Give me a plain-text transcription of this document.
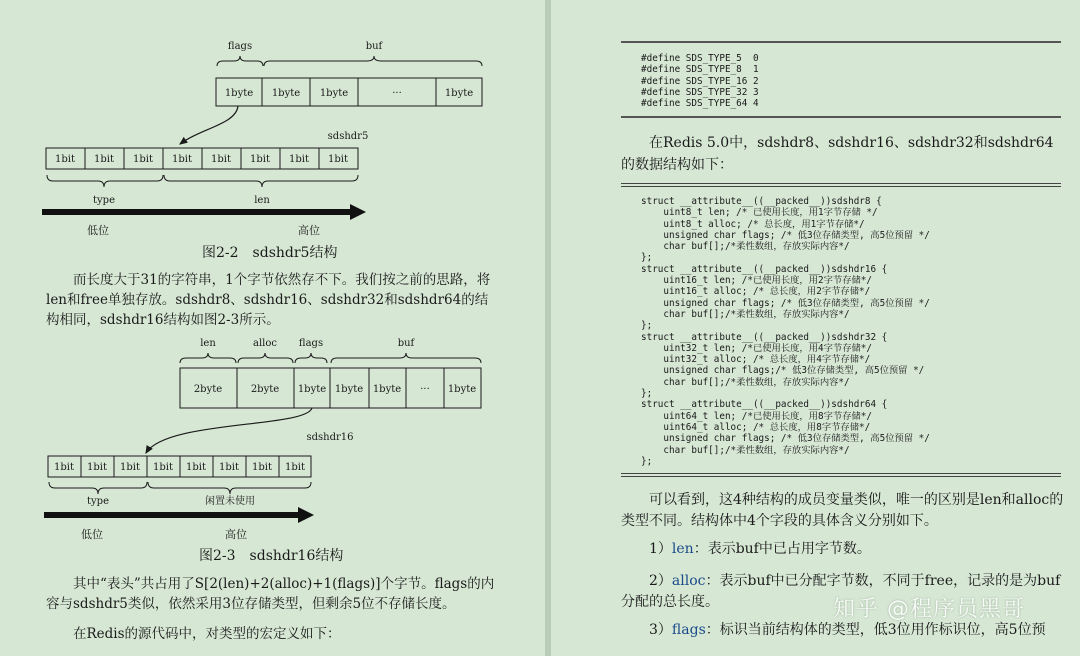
flags	buf
1byte 1byte 1byte	···	1byte
sdshdr5
1bit 1bit 1bit 1bit 1bit 1bit 1bit 1bit
type	len
低位	高位
图2-2　sdshdr5结构
而长度大于31的字符串，1个字节依然存不下。我们按之前的思路，将len和free单独存放。sdshdr8、sdshdr16、sdshdr32和sdshdr64的结构相同，sdshdr16结构如图2-3所示。
len	alloc flags	buf
2byte	2byte 1byte 1byte 1byte ··· 1byte
sdshdr16
1bit 1bit 1bit 1bit 1bit 1bit 1bit 1bit
type	闲置未使用
低位	高位
图2-3　sdshdr16结构
其中“表头”共占用了S[2(len)+2(alloc)+1(flags)]个字节。flags的内容与sdshdr5类似，依然采用3位存储类型，但剩余5位不存储长度。
在Redis的源代码中，对类型的宏定义如下：
#define SDS_TYPE_5  0
#define SDS_TYPE_8  1
#define SDS_TYPE_16 2
#define SDS_TYPE_32 3
#define SDS_TYPE_64 4
在Redis 5.0中，sdshdr8、sdshdr16、sdshdr32和sdshdr64的数据结构如下：
struct __attribute__((__packed__))sdshdr8 {
uint8_t len; /* 已使用长度，用1字节存储 */
uint8_t alloc; /* 总长度，用1字节存储*/
unsigned char flags; /* 低3位存储类型, 高5位预留 */
char buf[];/*柔性数组，存放实际内容*/
};
struct __attribute__((__packed__))sdshdr16 {
uint16_t len; /*已使用长度，用2字节存储*/
uint16_t alloc; /* 总长度，用2字节存储*/
unsigned char flags; /* 低3位存储类型, 高5位预留 */
char buf[];/*柔性数组，存放实际内容*/
};
struct __attribute__((__packed__))sdshdr32 {
uint32_t len; /*已使用长度，用4字节存储*/
uint32_t alloc; /* 总长度，用4字节存储*/
unsigned char flags;/* 低3位存储类型, 高5位预留 */
char buf[];/*柔性数组，存放实际内容*/
};
struct __attribute__((__packed__))sdshdr64 {
uint64_t len; /*已使用长度，用8字节存储*/
uint64_t alloc; /* 总长度，用8字节存储*/
unsigned char flags; /* 低3位存储类型, 高5位预留 */
char buf[];/*柔性数组，存放实际内容*/
};
可以看到，这4种结构的成员变量类似，唯一的区别是len和alloc的类型不同。结构体中4个字段的具体含义分别如下。
1）len：表示buf中已占用字节数。
2）alloc：表示buf中已分配字节数，不同于free，记录的是为buf分配的总长度。
3）flags：标识当前结构体的类型，低3位用作标识位，高5位预
知乎 @程序员黑哥
